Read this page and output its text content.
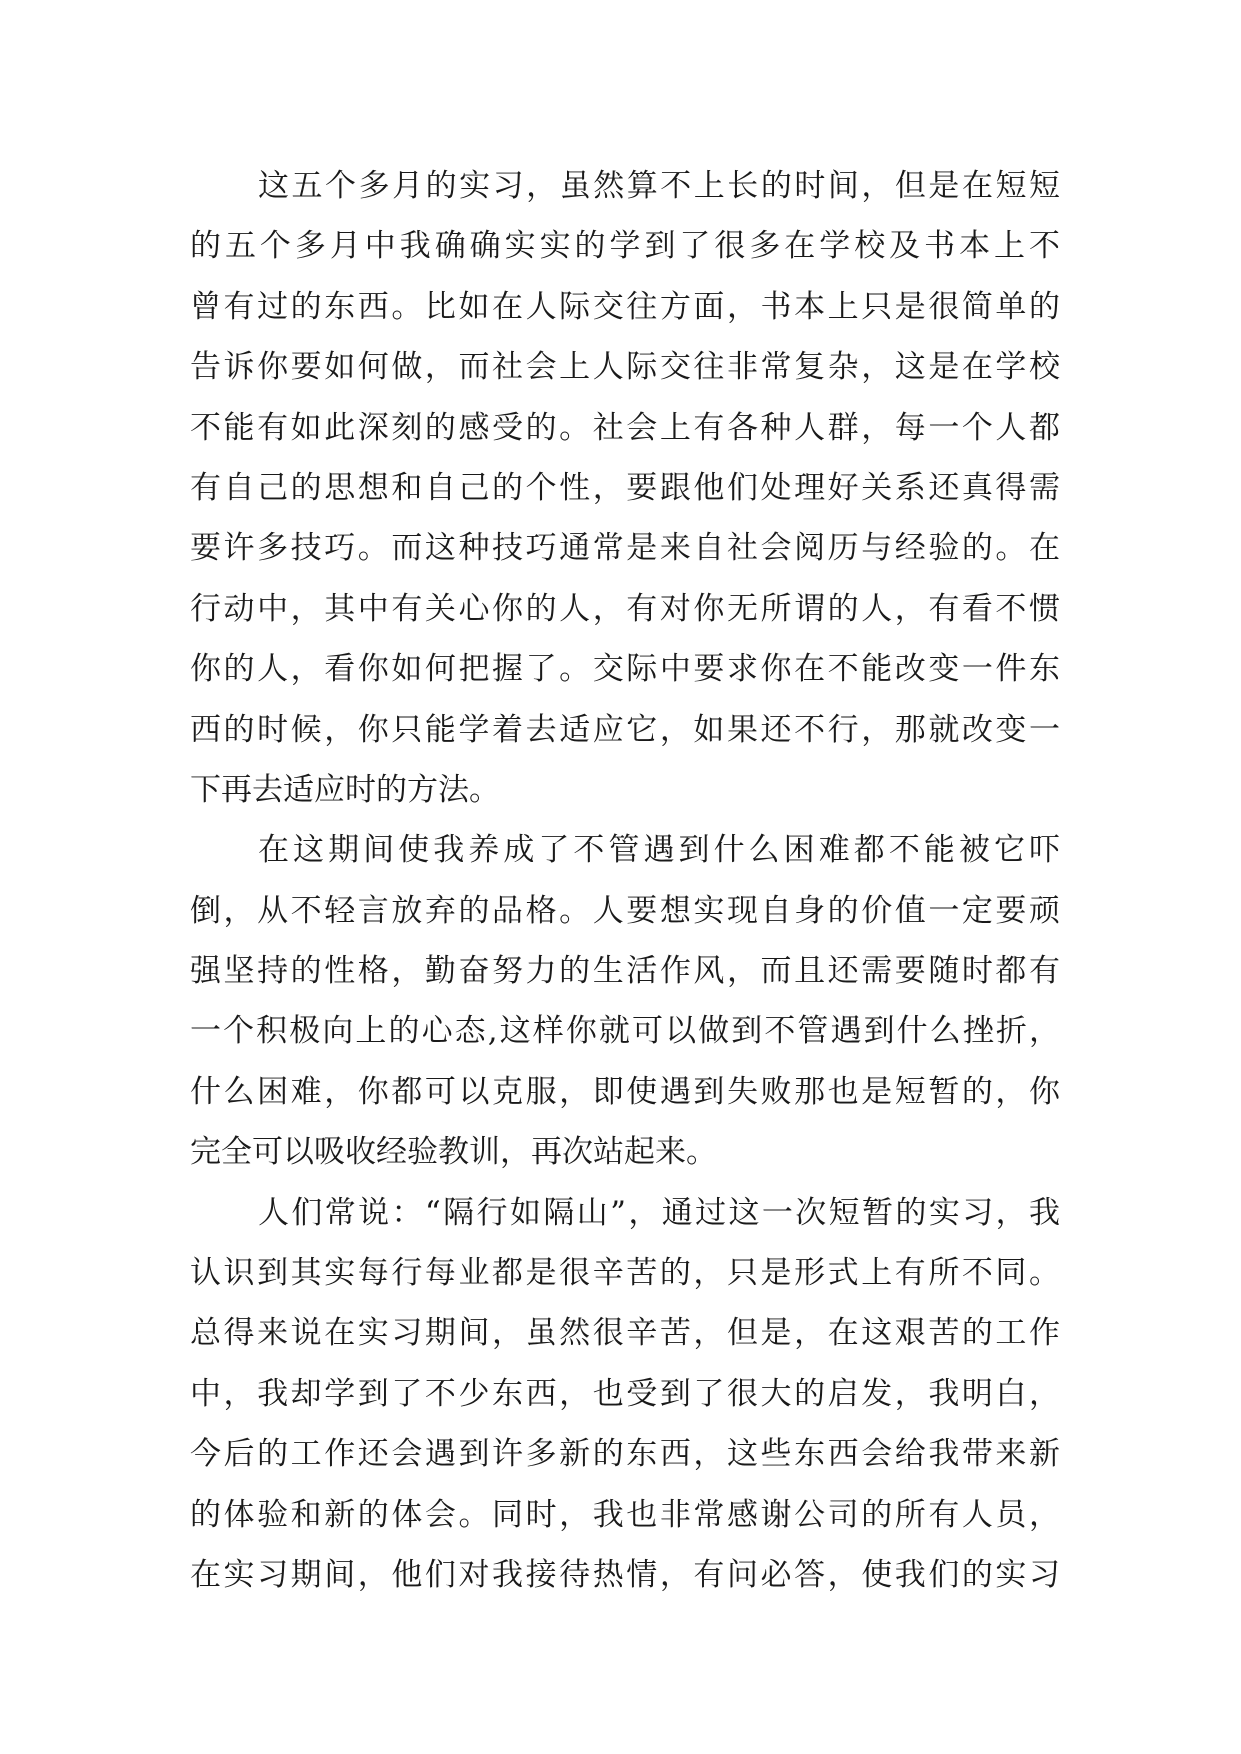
这五个多月的实习，虽然算不上长的时间，但是在短短
的五个多月中我确确实实的学到了很多在学校及书本上不
曾有过的东西。比如在人际交往方面，书本上只是很简单的
告诉你要如何做，而社会上人际交往非常复杂，这是在学校
不能有如此深刻的感受的。社会上有各种人群，每一个人都
有自己的思想和自己的个性，要跟他们处理好关系还真得需
要许多技巧。而这种技巧通常是来自社会阅历与经验的。在
行动中，其中有关心你的人，有对你无所谓的人，有看不惯
你的人，看你如何把握了。交际中要求你在不能改变一件东
西的时候，你只能学着去适应它，如果还不行，那就改变一
下再去适应时的方法。
在这期间使我养成了不管遇到什么困难都不能被它吓
倒，从不轻言放弃的品格。人要想实现自身的价值一定要顽
强坚持的性格，勤奋努力的生活作风，而且还需要随时都有
一个积极向上的心态,这样你就可以做到不管遇到什么挫折，
什么困难，你都可以克服，即使遇到失败那也是短暂的，你
完全可以吸收经验教训，再次站起来。
人们常说：“隔行如隔山”，通过这一次短暂的实习，我
认识到其实每行每业都是很辛苦的，只是形式上有所不同。
总得来说在实习期间，虽然很辛苦，但是，在这艰苦的工作
中，我却学到了不少东西，也受到了很大的启发，我明白，
今后的工作还会遇到许多新的东西，这些东西会给我带来新
的体验和新的体会。同时，我也非常感谢公司的所有人员，
在实习期间，他们对我接待热情，有问必答，使我们的实习
